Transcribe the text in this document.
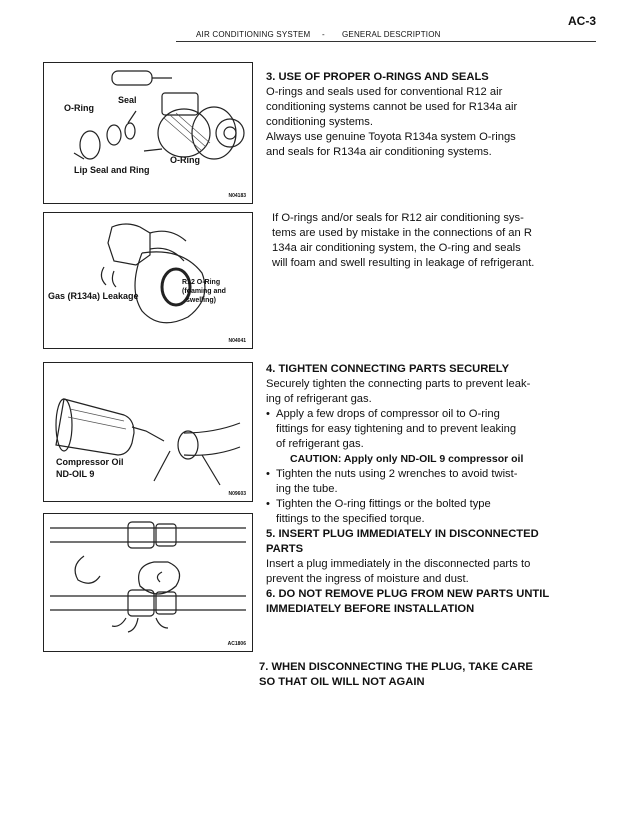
AC-3
AIR CONDITIONING SYSTEM - GENERAL DESCRIPTION
Seal
O-Ring
O-Ring
Lip Seal and Ring
N04183
Gas (R134a) Leakage
R12 O-Ring
(foaming and
swelling)
N04041
Compressor Oil
ND-OIL 9
N09603
AC1806

3. USE OF PROPER O-RINGS AND SEALS

O-rings and seals used for conventional R12 air

conditioning systems cannot be used for R134a air

conditioning systems.

Always use genuine Toyota R134a system O-rings

and seals for R134a air conditioning systems.

If O-rings and/or seals for R12 air conditioning sys-

tems are used by mistake in the connections of an R

134a air conditioning system, the O-ring and seals

will foam and swell resulting in leakage of refrigerant.

4. TIGHTEN CONNECTING PARTS SECURELY

Securely tighten the connecting parts to prevent leak-

ing of refrigerant gas.

• Apply a few drops of compressor oil to O-ring

fittings for easy tightening and to prevent leaking

of refrigerant gas.

CAUTION: Apply only ND-OIL 9 compressor oil

• Tighten the nuts using 2 wrenches to avoid twist-

ing the tube.

• Tighten the O-ring fittings or the bolted type

fittings to the specified torque.

5. INSERT PLUG IMMEDIATELY IN DISCONNECTED

PARTS

Insert a plug immediately in the disconnected parts to

prevent the ingress of moisture and dust.

6. DO NOT REMOVE PLUG FROM NEW PARTS UNTIL

IMMEDIATELY BEFORE INSTALLATION

7. WHEN DISCONNECTING THE PLUG, TAKE CARE

SO THAT OIL WILL NOT AGAIN
